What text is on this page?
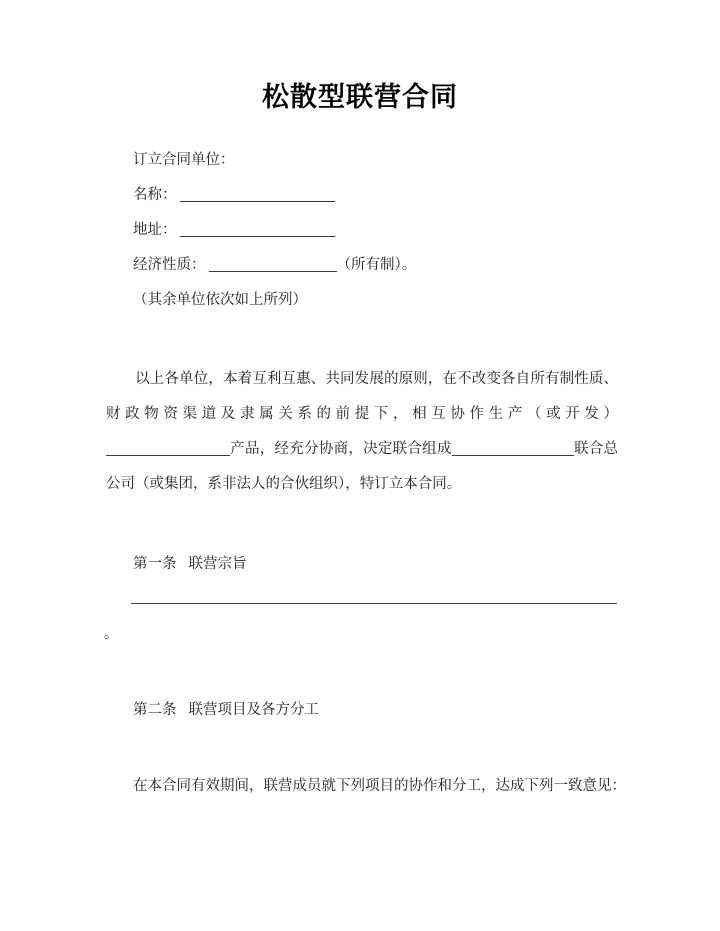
松散型联营合同
订立合同单位：
名称：
地址：
经济性质：	（所有制）。
（其余单位依次如上所列）
以上各单位，本着互利互惠、共同发展的原则，在不改变各自所有制性质、财政物资渠道及隶属关系的前提下，相互协作生产（或开发）产品，经充分协商，决定联合组成	联合总公司（或集团，系非法人的合伙组织），特订立本合同。
第一条 联营宗旨
。
第二条 联营项目及各方分工
在本合同有效期间，联营成员就下列项目的协作和分工，达成下列一致意见：
